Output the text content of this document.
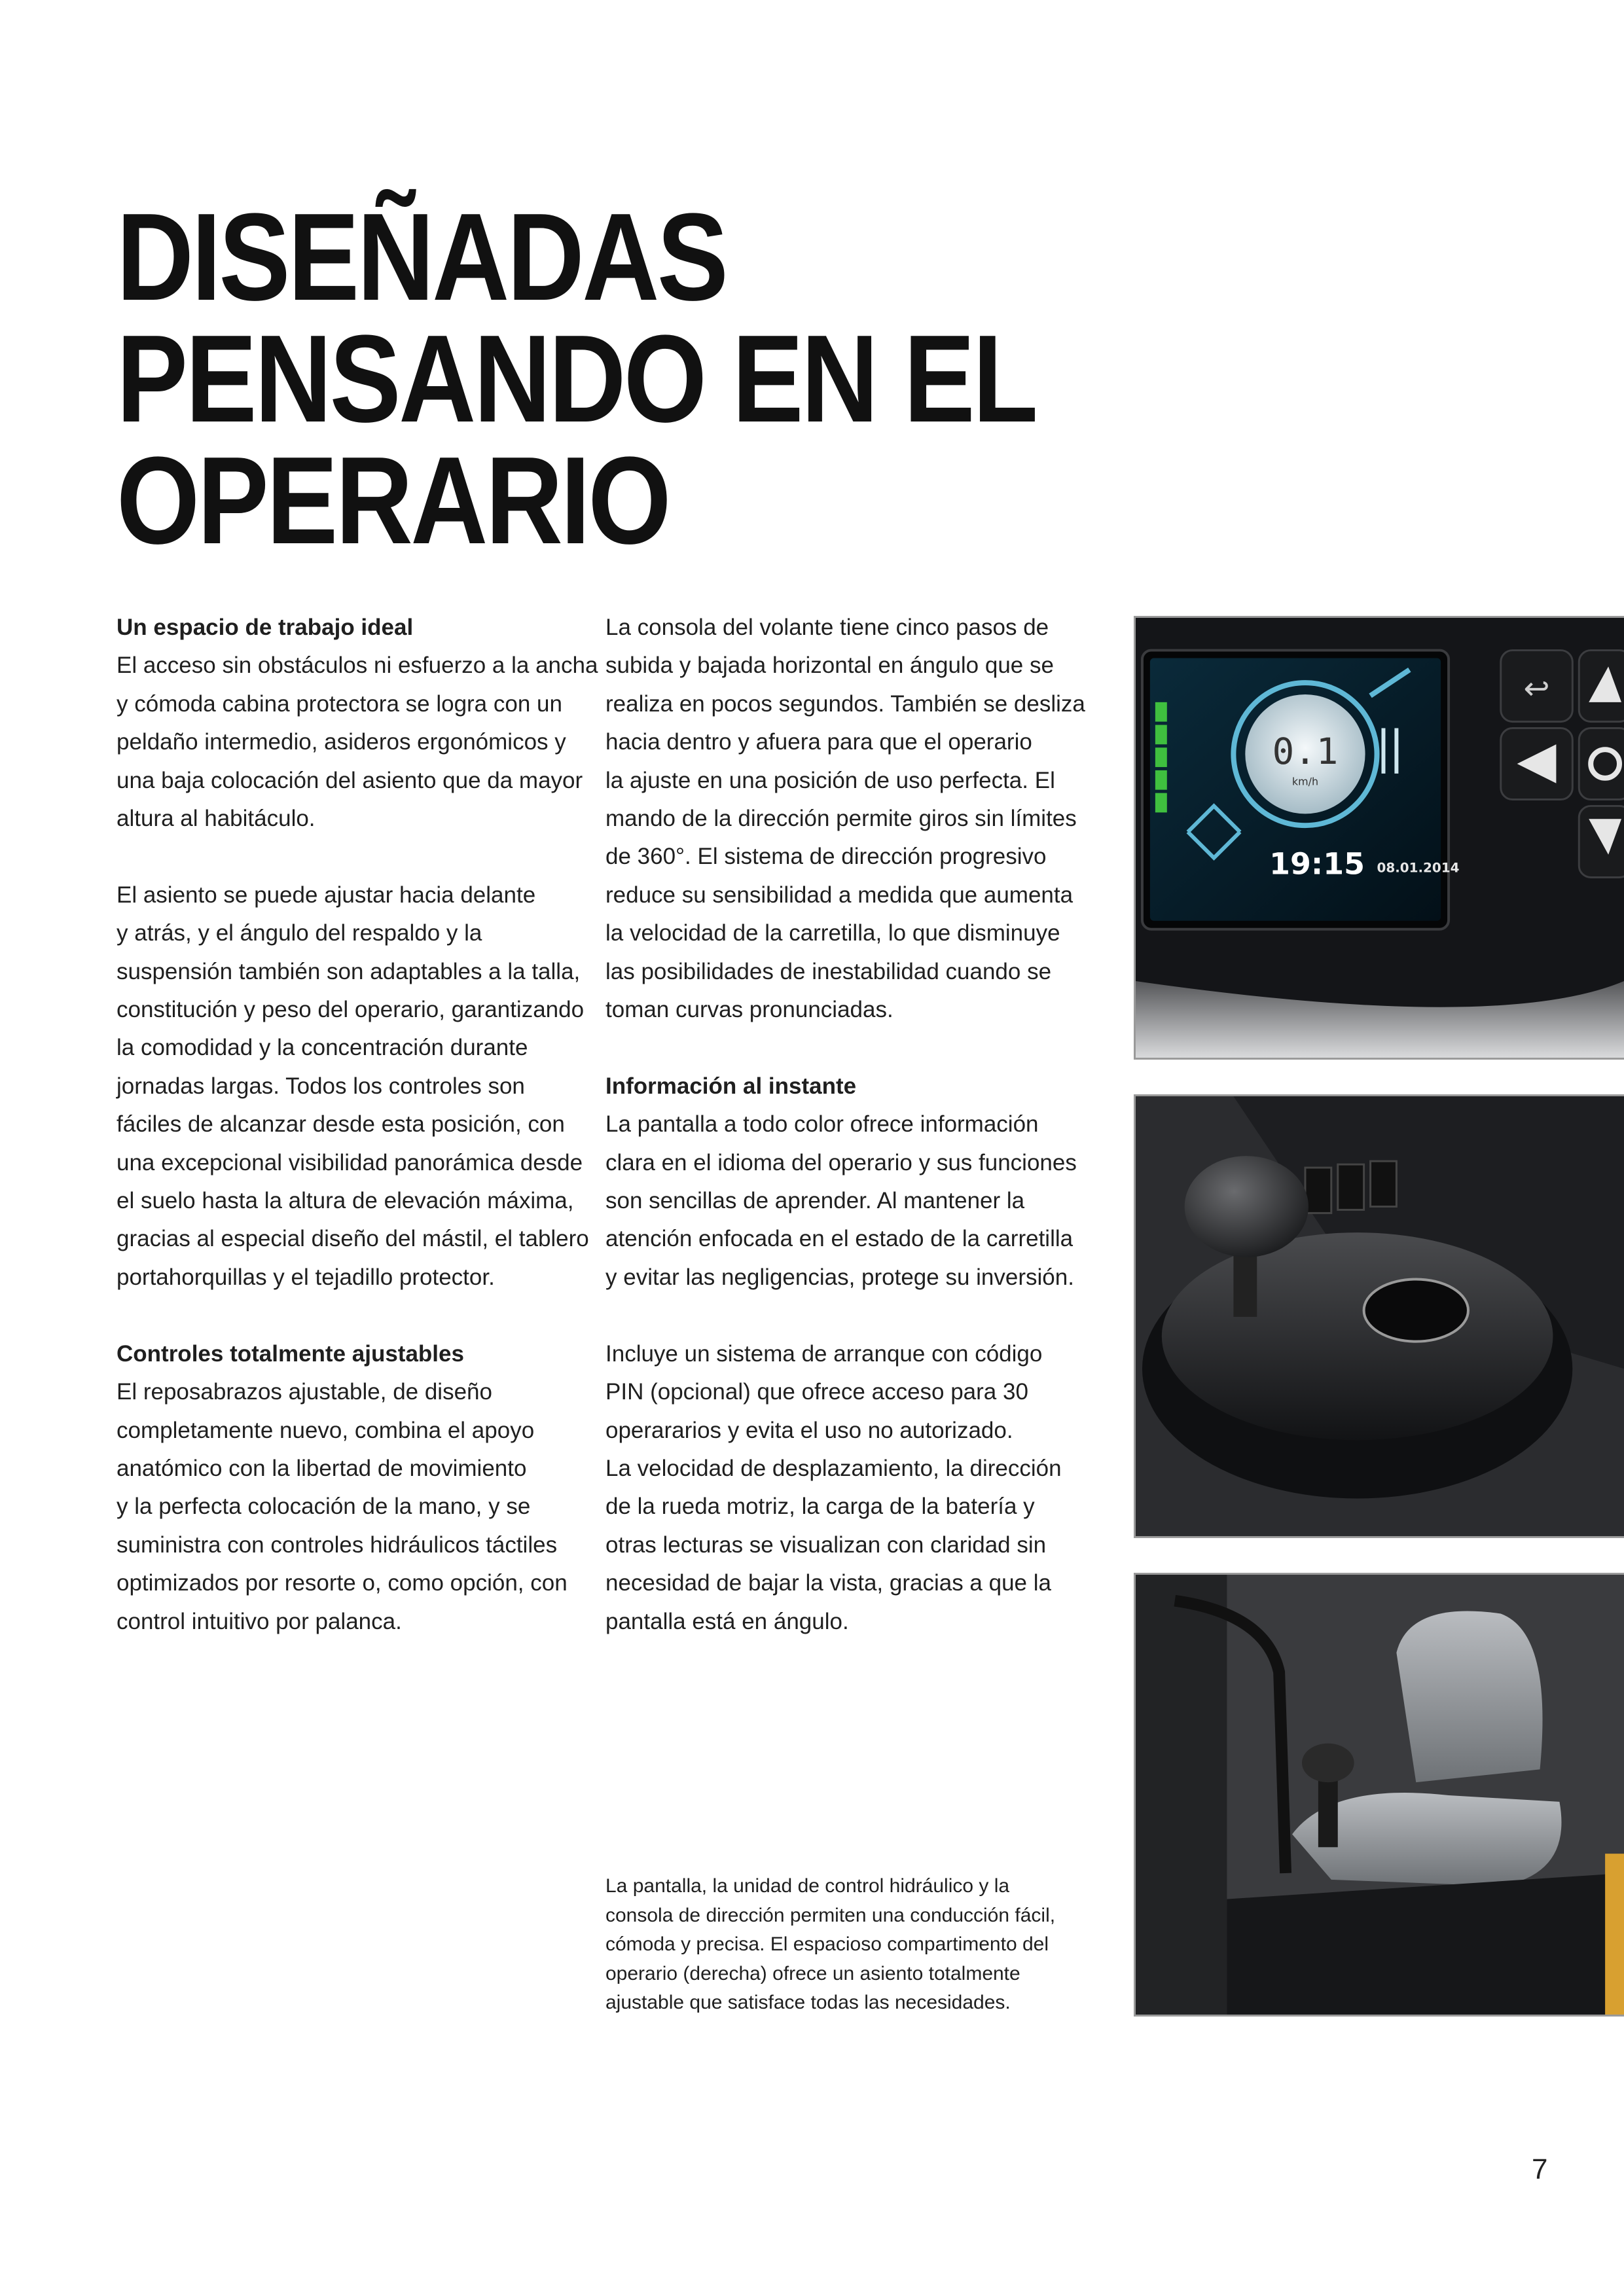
DISEÑADAS
PENSANDO EN EL
OPERARIO

Un espacio de trabajo ideal
El acceso sin obstáculos ni esfuerzo a la ancha
y cómoda cabina protectora se logra con un
peldaño intermedio, asideros ergonómicos y
una baja colocación del asiento que da mayor
altura al habitáculo.

El asiento se puede ajustar hacia delante
y atrás, y el ángulo del respaldo y la
suspensión también son adaptables a la talla,
constitución y peso del operario, garantizando
la comodidad y la concentración durante
jornadas largas. Todos los controles son
fáciles de alcanzar desde esta posición, con
una excepcional visibilidad panorámica desde
el suelo hasta la altura de elevación máxima,
gracias al especial diseño del mástil, el tablero
portahorquillas y el tejadillo protector.

Controles totalmente ajustables
El reposabrazos ajustable, de diseño
completamente nuevo, combina el apoyo
anatómico con la libertad de movimiento
y la perfecta colocación de la mano, y se
suministra con controles hidráulicos táctiles
optimizados por resorte o, como opción, con
control intuitivo por palanca.

La consola del volante tiene cinco pasos de
subida y bajada horizontal en ángulo que se
realiza en pocos segundos. También se desliza
hacia dentro y afuera para que el operario
la ajuste en una posición de uso perfecta. El
mando de la dirección permite giros sin límites
de 360°. El sistema de dirección progresivo
reduce su sensibilidad a medida que aumenta
la velocidad de la carretilla, lo que disminuye
las posibilidades de inestabilidad cuando se
toman curvas pronunciadas.

Información al instante
La pantalla a todo color ofrece información
clara en el idioma del operario y sus funciones
son sencillas de aprender. Al mantener la
atención enfocada en el estado de la carretilla
y evitar las negligencias, protege su inversión.

Incluye un sistema de arranque con código
PIN (opcional) que ofrece acceso para 30
operararios y evita el uso no autorizado.
La velocidad de desplazamiento, la dirección
de la rueda motriz, la carga de la batería y
otras lecturas se visualizan con claridad sin
necesidad de bajar la vista, gracias a que la
pantalla está en ángulo.

La pantalla, la unidad de control hidráulico y la
consola de dirección permiten una conducción fácil,
cómoda y precisa. El espacioso compartimento del
operario (derecha) ofrece un asiento totalmente
ajustable que satisface todas las necesidades.
0.1
km/h
19:15 08.01.2014
↩
7
